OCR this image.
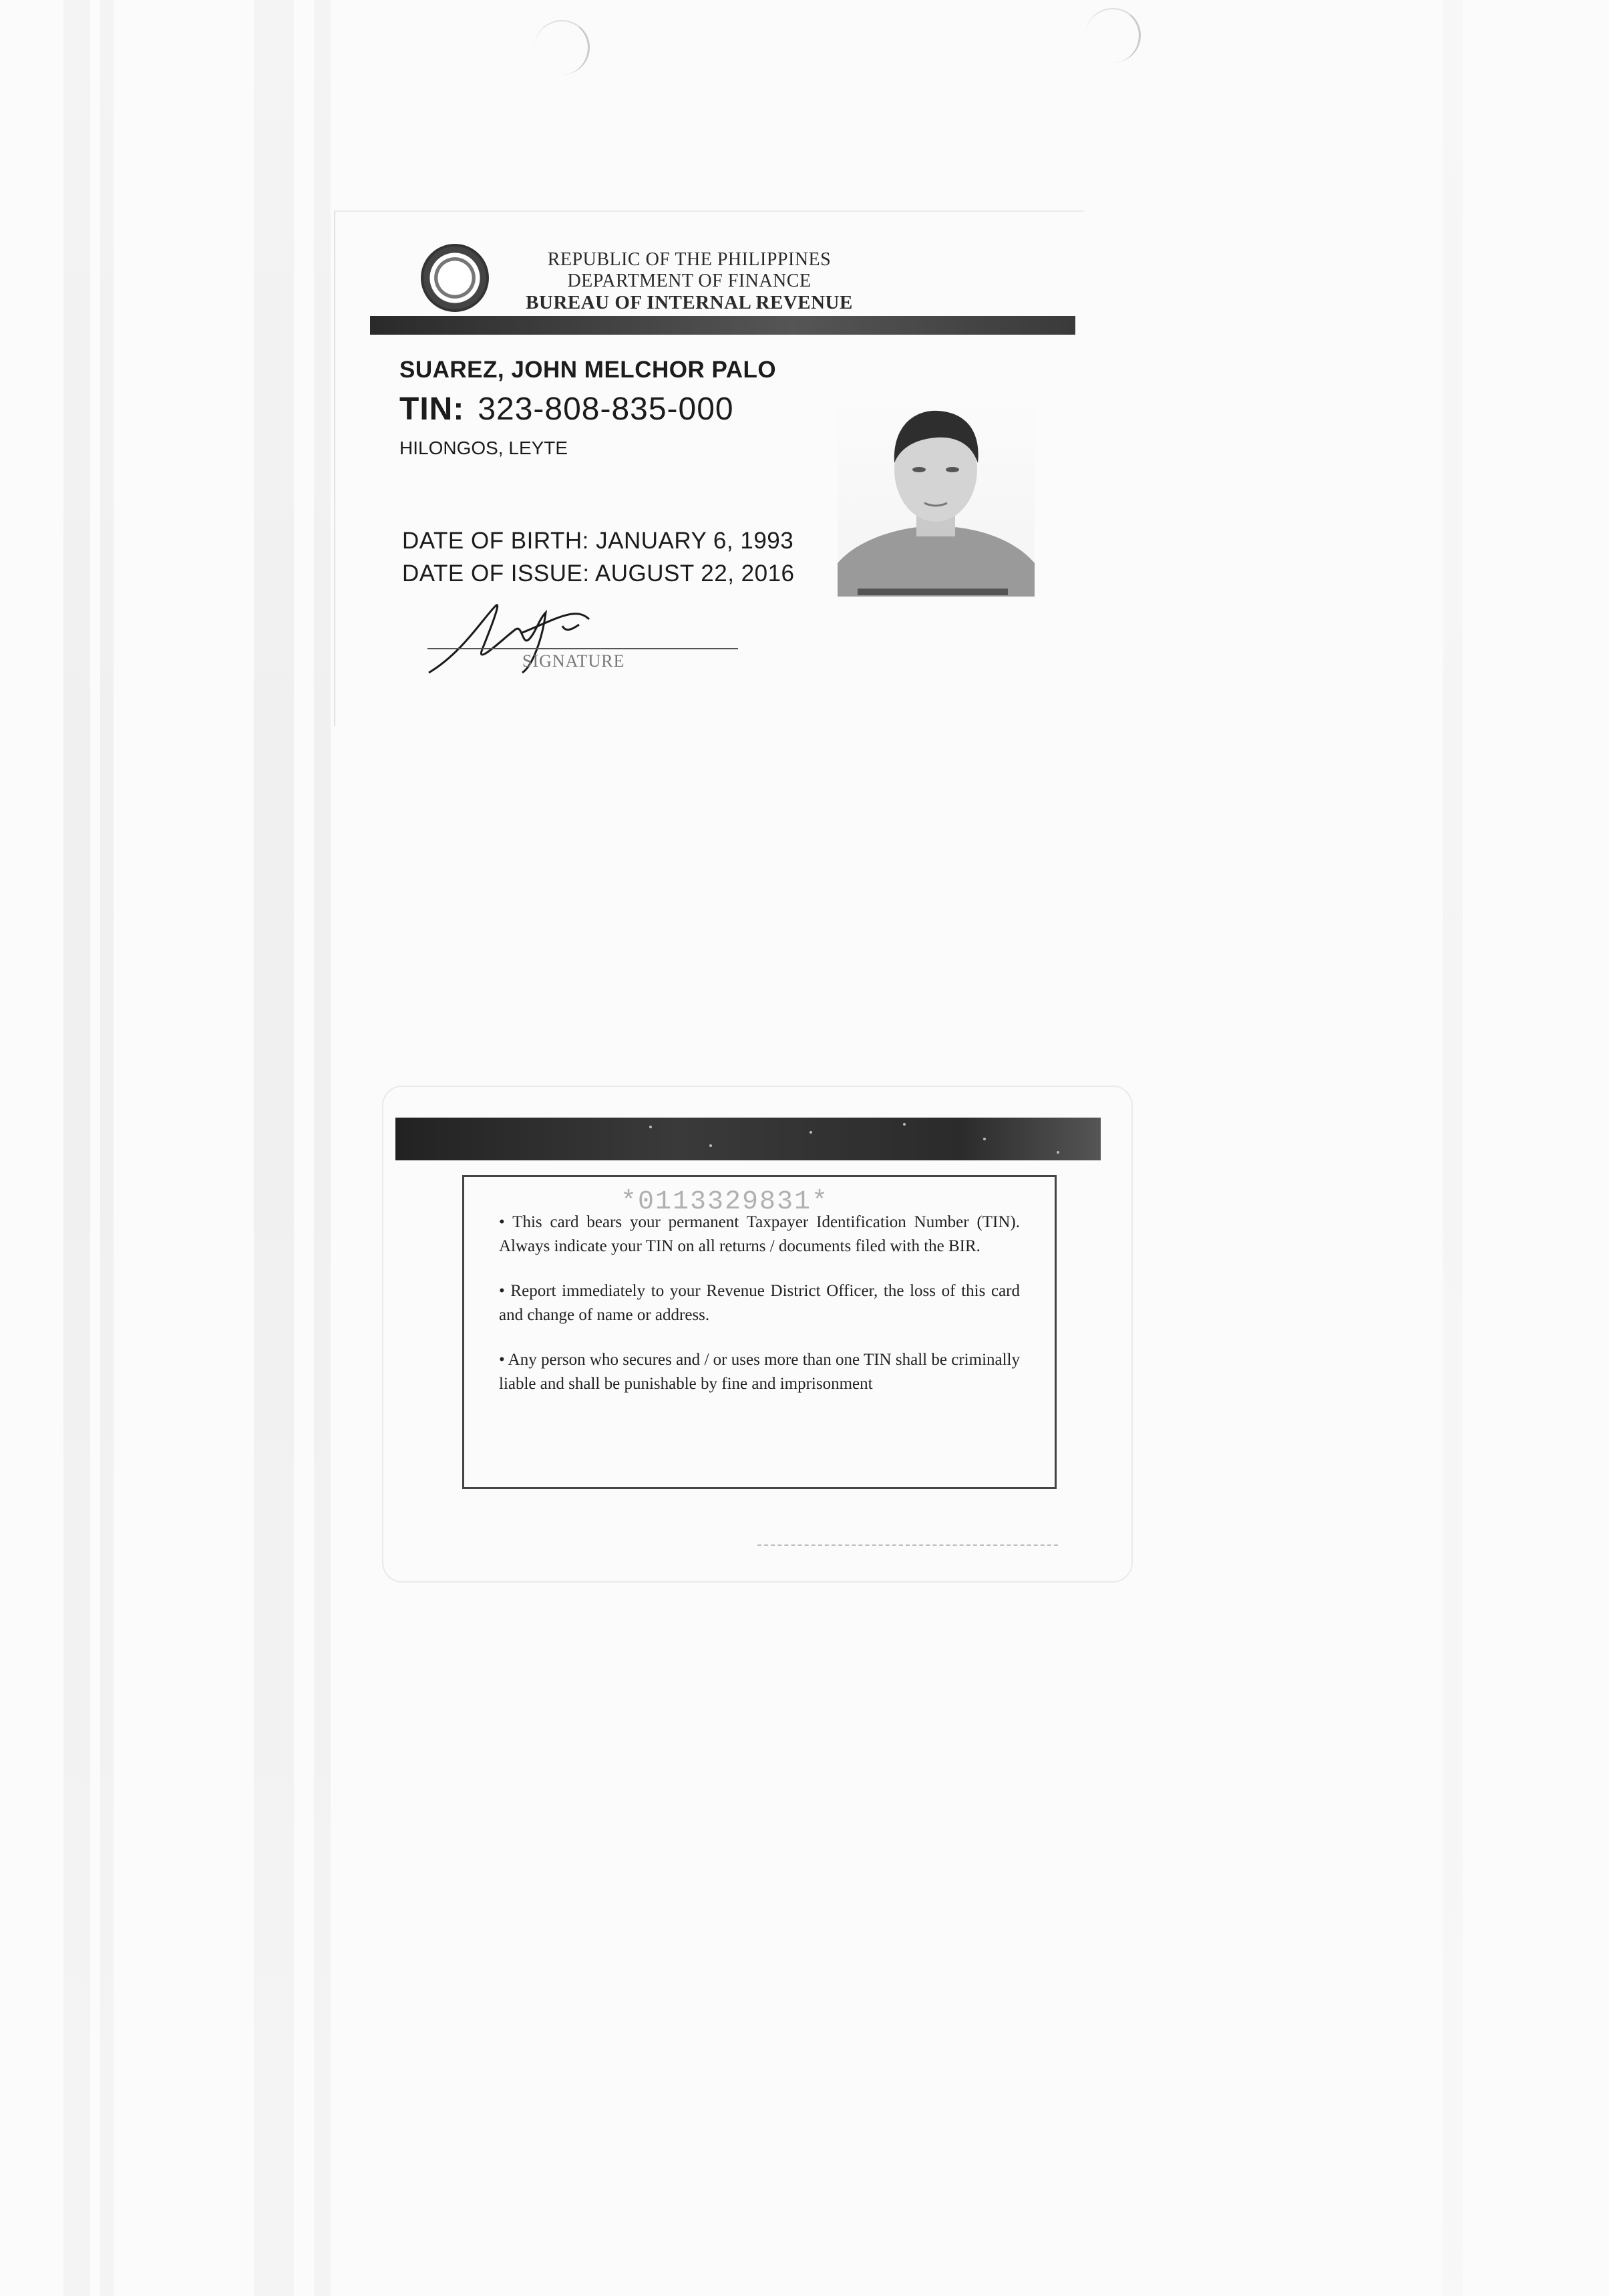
REPUBLIC OF THE PHILIPPINES
DEPARTMENT OF FINANCE
BUREAU OF INTERNAL REVENUE
SUAREZ, JOHN MELCHOR PALO
TIN: 323-808-835-000
HILONGOS, LEYTE
DATE OF BIRTH: JANUARY 6, 1993
DATE OF ISSUE: AUGUST 22, 2016
SIGNATURE

• This card bears your permanent Taxpayer Identification Number (TIN). Always indicate your TIN on all returns / documents filed with the BIR.

• Report immediately to your Revenue District Officer, the loss of this card and change of name or address.

• Any person who secures and / or uses more than one TIN shall be criminally liable and shall be punishable by fine and imprisonment

*0113329831*
